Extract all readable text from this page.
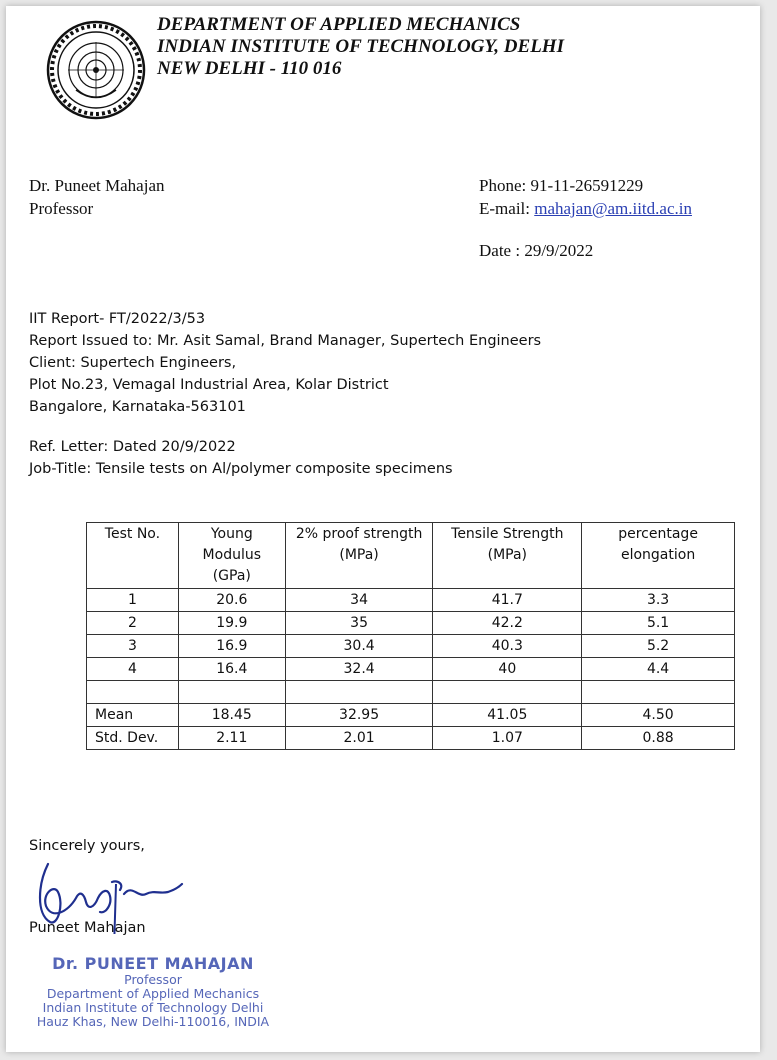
DEPARTMENT OF APPLIED MECHANICS
INDIAN INSTITUTE OF TECHNOLOGY, DELHI
NEW DELHI - 110 016
Dr. Puneet Mahajan
Professor
Phone: 91-11-26591229
E-mail: mahajan@am.iitd.ac.in
Date : 29/9/2022
IIT Report- FT/2022/3/53
Report Issued to: Mr. Asit Samal, Brand Manager, Supertech Engineers
Client: Supertech Engineers,
Plot No.23, Vemagal Industrial Area, Kolar District
Bangalore, Karnataka-563101
Ref. Letter: Dated 20/9/2022
Job-Title: Tensile tests on Al/polymer composite specimens
Test No.	Young Modulus (GPa)	2% proof strength (MPa)	Tensile Strength (MPa)	percentage elongation
1	20.6	34	41.7	3.3
2	19.9	35	42.2	5.1
3	16.9	30.4	40.3	5.2
4	16.4	32.4	40	4.4

Mean	18.45	32.95	41.05	4.50
Std. Dev.	2.11	2.01	1.07	0.88
Sincerely yours,
Puneet Mahajan
Dr. PUNEET MAHAJAN
Professor
Department of Applied Mechanics
Indian Institute of Technology Delhi
Hauz Khas, New Delhi-110016, INDIA
